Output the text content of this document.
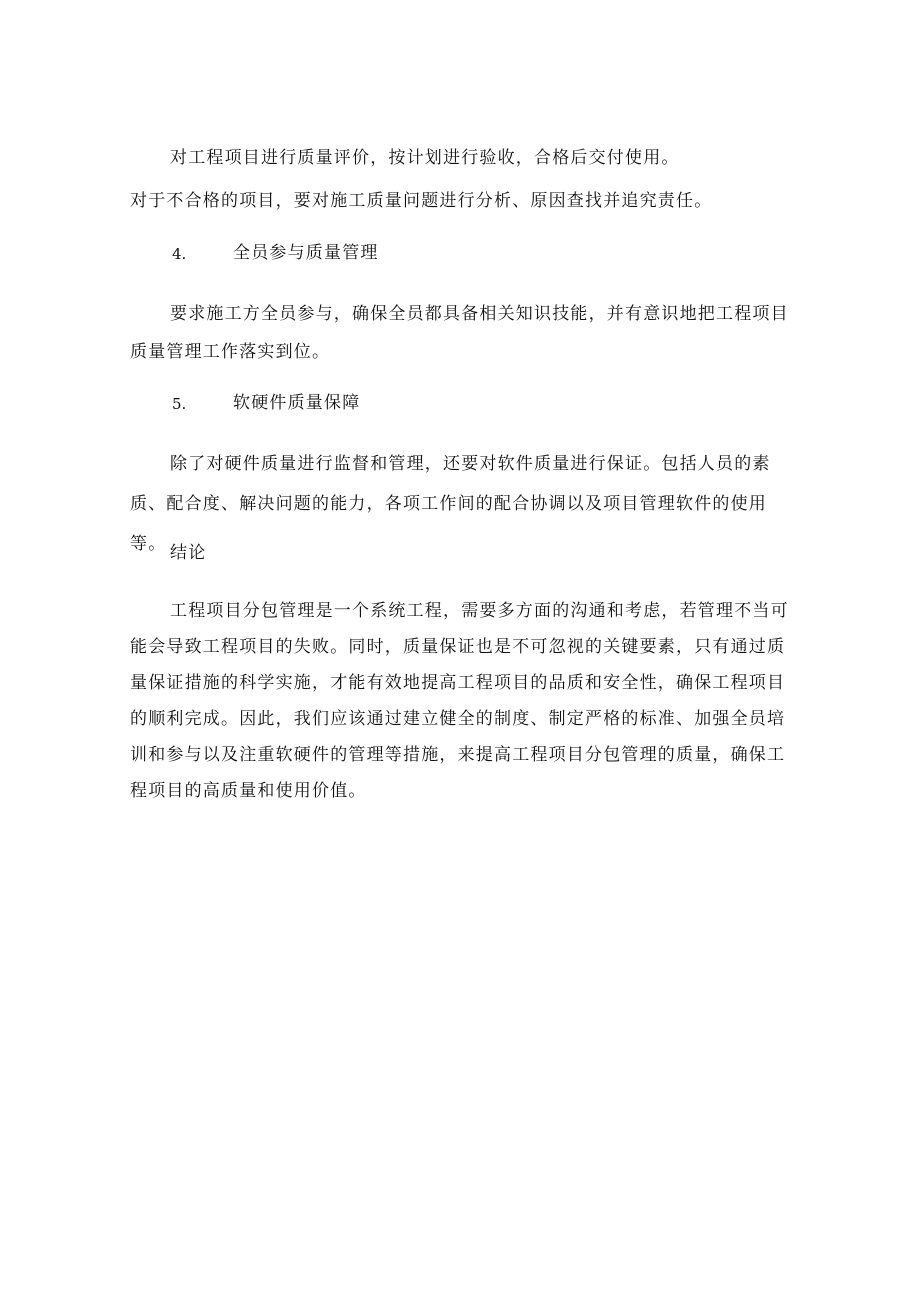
对工程项目进行质量评价，按计划进行验收，合格后交付使用。
对于不合格的项目，要对施工质量问题进行分析、原因查找并追究责任。
4.	全员参与质量管理
要求施工方全员参与，确保全员都具备相关知识技能，并有意识地把工程项目质量管理工作落实到位。
5.	软硬件质量保障
除了对硬件质量进行监督和管理，还要对软件质量进行保证。包括人员的素质、配合度、解决问题的能力，各项工作间的配合协调以及项目管理软件的使用等。 结论
工程项目分包管理是一个系统工程，需要多方面的沟通和考虑，若管理不当可能会导致工程项目的失败。同时，质量保证也是不可忽视的关键要素，只有通过质量保证措施的科学实施，才能有效地提高工程项目的品质和安全性，确保工程项目的顺利完成。因此，我们应该通过建立健全的制度、制定严格的标准、加强全员培训和参与以及注重软硬件的管理等措施，来提高工程项目分包管理的质量，确保工程项目的高质量和使用价值。
